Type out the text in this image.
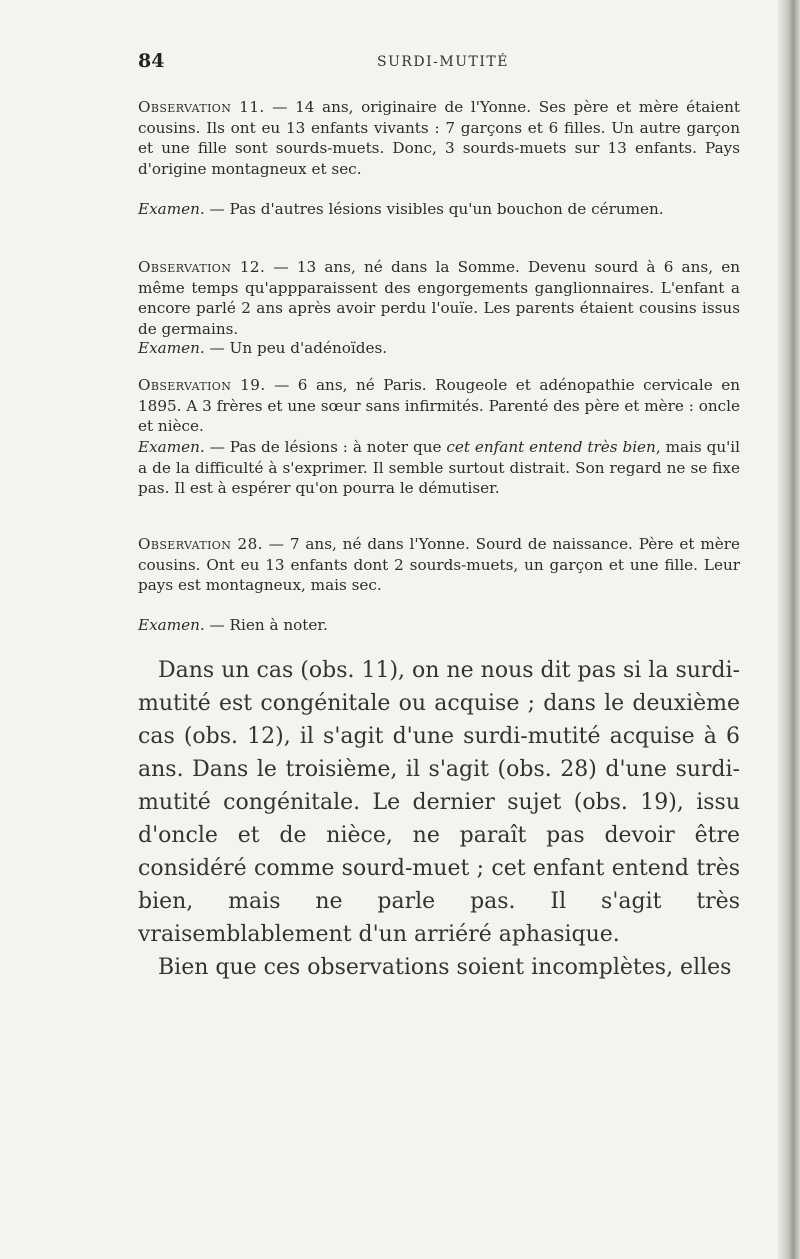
84	SURDI-MUTITÉ

Observation 11. — 14 ans, originaire de l'Yonne. Ses père et mère étaient cousins. Ils ont eu 13 enfants vivants : 7 garçons et 6 filles. Un autre garçon et une fille sont sourds-muets. Donc, 3 sourds-muets sur 13 enfants. Pays d'origine montagneux et sec.

Examen. — Pas d'autres lésions visibles qu'un bouchon de cérumen.

Observation 12. — 13 ans, né dans la Somme. Devenu sourd à 6 ans, en même temps qu'appparaissent des engorgements ganglionnaires. L'enfant a encore parlé 2 ans après avoir perdu l'ouïe. Les parents étaient cousins issus de germains.

Examen. — Un peu d'adénoïdes.

Observation 19. — 6 ans, né Paris. Rougeole et adénopathie cervicale en 1895. A 3 frères et une sœur sans infirmités. Parenté des père et mère : oncle et nièce.

Examen. — Pas de lésions : à noter que cet enfant entend très bien, mais qu'il a de la difficulté à s'exprimer. Il semble surtout distrait. Son regard ne se fixe pas. Il est à espérer qu'on pourra le démutiser.

Observation 28. — 7 ans, né dans l'Yonne. Sourd de naissance. Père et mère cousins. Ont eu 13 enfants dont 2 sourds-muets, un garçon et une fille. Leur pays est montagneux, mais sec.

Examen. — Rien à noter.

Dans un cas (obs. 11), on ne nous dit pas si la surdi-mutité est congénitale ou acquise ; dans le deuxième cas (obs. 12), il s'agit d'une surdi-mutité acquise à 6 ans. Dans le troisième, il s'agit (obs. 28) d'une surdi-mutité congénitale. Le dernier sujet (obs. 19), issu d'oncle et de nièce, ne paraît pas devoir être considéré comme sourd-muet ; cet enfant entend très bien, mais ne parle pas. Il s'agit très vraisemblablement d'un arriéré aphasique.

Bien que ces observations soient incomplètes, elles
